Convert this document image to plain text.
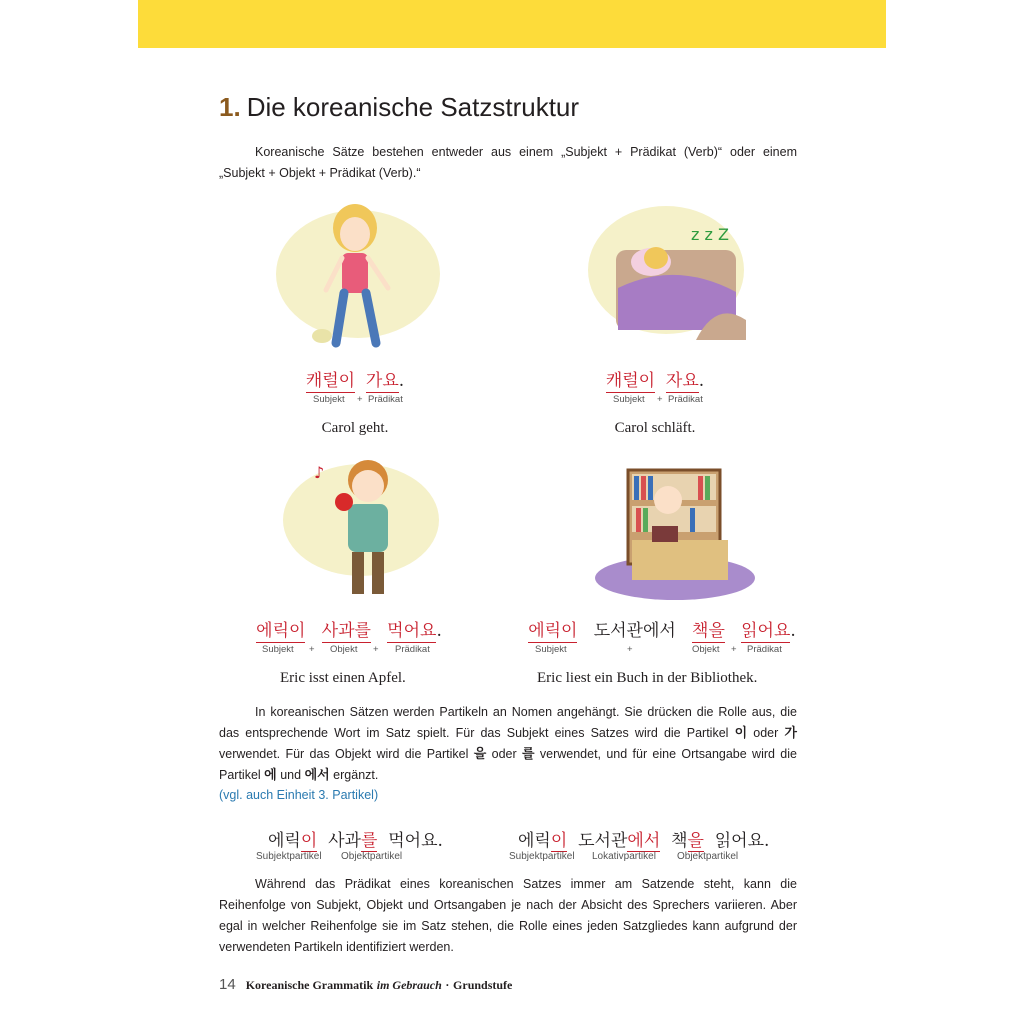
1. Die koreanische Satzstruktur

Koreanische Sätze bestehen entweder aus einem „Subjekt + Prädikat (Verb)“ oder einem „Subjekt + Objekt + Prädikat (Verb).“

z z Z
캐럴이 가요.
Subjekt + Prädikat
Carol geht.
캐럴이 자요.
Subjekt + Prädikat
Carol schläft.
♪
에릭이 사과를 먹어요.
Subjekt + Objekt + Prädikat
Eric isst einen Apfel.
에릭이 도서관에서 책을 읽어요.
Subjekt	+	Objekt + Prädikat
Eric liest ein Buch in der Bibliothek.

In koreanischen Sätzen werden Partikeln an Nomen angehängt. Sie drücken die Rolle aus, die das entsprechende Wort im Satz spielt. Für das Subjekt eines Satzes wird die Partikel 이 oder 가 verwendet. Für das Objekt wird die Partikel 을 oder 를 verwendet, und für eine Ortsangabe wird die Partikel 에 und 에서 ergänzt.

(vgl. auch Einheit 3. Partikel)
에릭이 사과를 먹어요.
Subjektpartikel Objektpartikel
에릭이 도서관에서 책을 읽어요.
Subjektpartikel Lokativpartikel Objektpartikel

Während das Prädikat eines koreanischen Satzes immer am Satzende steht, kann die Reihenfolge von Subjekt, Objekt und Ortsangaben je nach der Absicht des Sprechers variieren. Aber egal in welcher Reihenfolge sie im Satz stehen, die Rolle eines jeden Satzgliedes kann aufgrund der verwendeten Partikeln identifiziert werden.

14 Koreanische Grammatik im Gebrauch · Grundstufe
